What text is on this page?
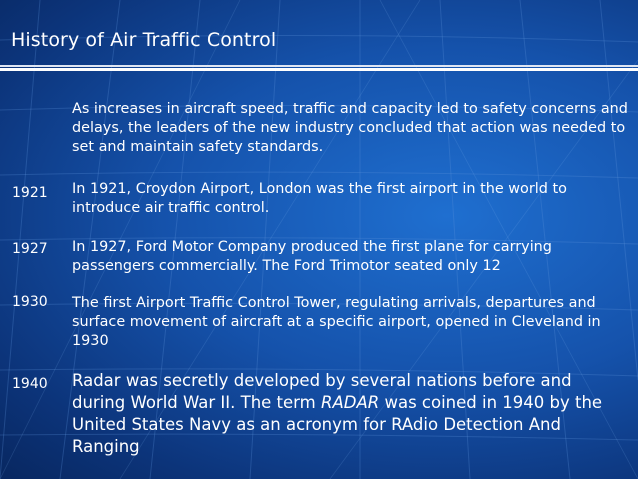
History of Air Traffic Control
As increases in aircraft speed, traffic and capacity led to safety concerns and delays, the leaders of the new industry concluded that action was needed to set and maintain safety standards.
1921 In 1921, Croydon Airport, London was the first airport in the world to introduce air traffic control.
1927 In 1927, Ford Motor Company produced the first plane for carrying passengers commercially. The Ford Trimotor seated only 12
1930 The first Airport Traffic Control Tower, regulating arrivals, departures and surface movement of aircraft at a specific airport, opened in Cleveland in 1930
1940 Radar was secretly developed by several nations before and during World War II. The term RADAR was coined in 1940 by the United States Navy as an acronym for RAdio Detection And Ranging
